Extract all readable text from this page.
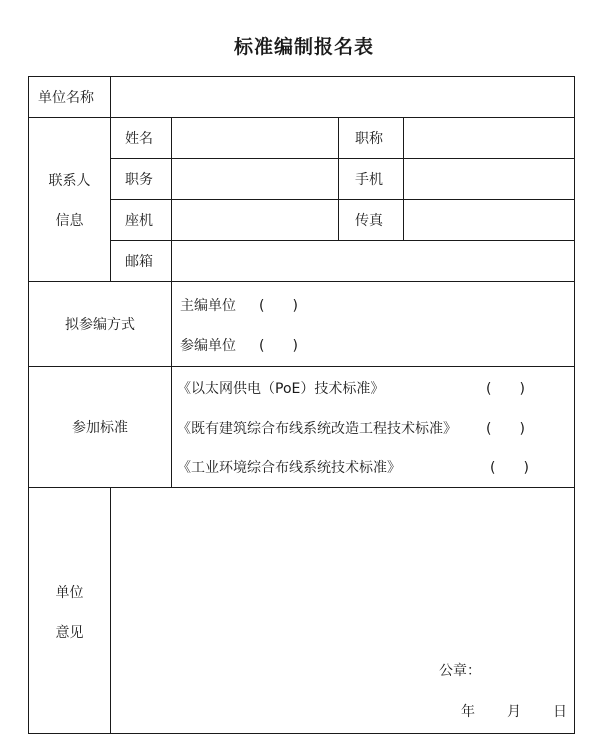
标准编制报名表
单位名称
联系人
信息
姓名	职称
职务	手机
座机	传真
邮箱
拟参编方式
主编单位 (　　)
参编单位 (　　)
参加标准
《以太网供电（PoE）技术标准》	(　　)
《既有建筑综合布线系统改造工程技术标准》 (　　)
《工业环境综合布线系统技术标准》	(　　)
单位
意见
公章：
年 月 日
